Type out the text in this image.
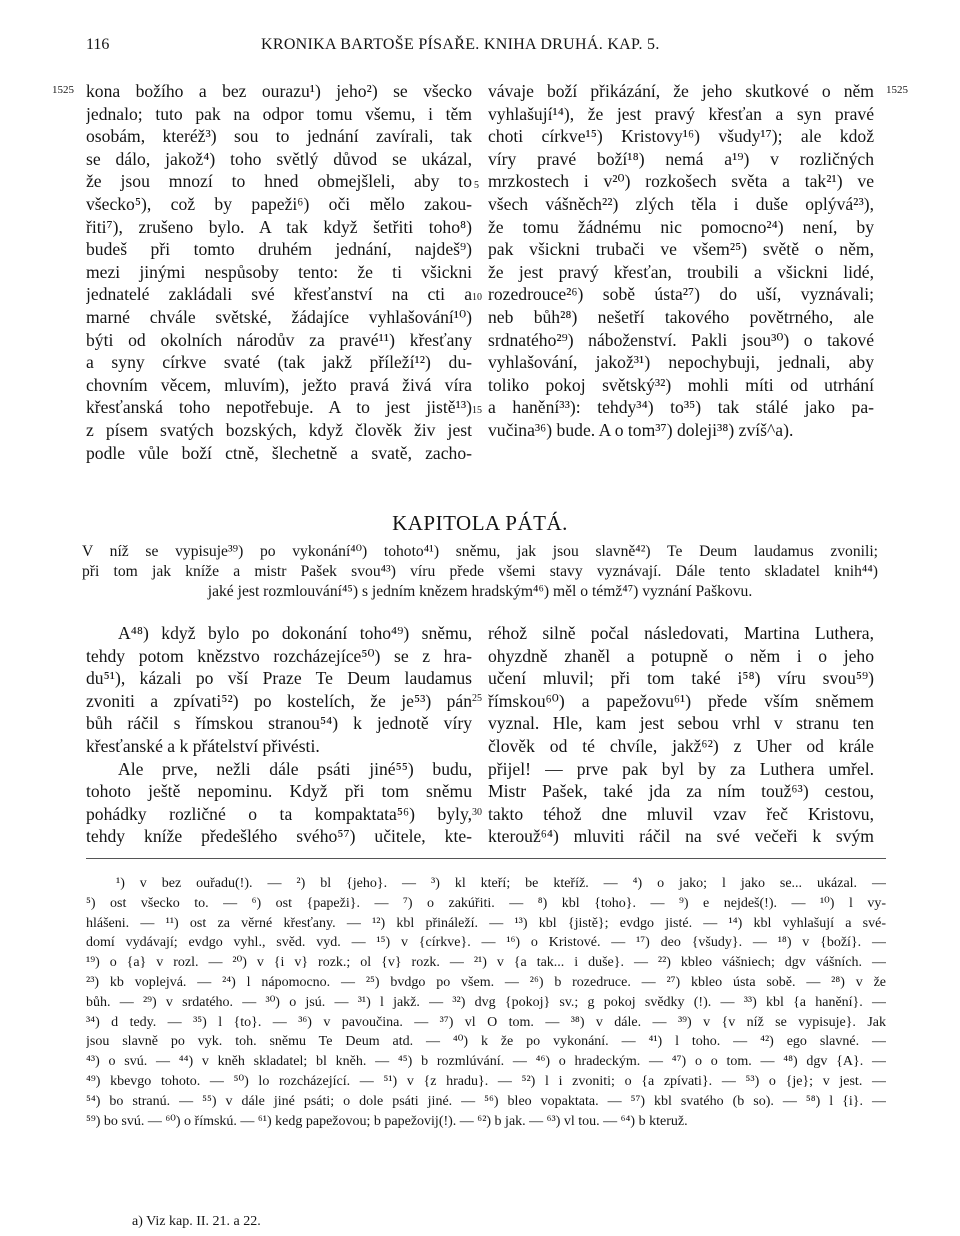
116	KRONIKA BARTOŠE PÍSAŘE. KNIHA DRUHÁ. KAP. 5.
1525	1525
5
10
15
25
30
kona božího a bez ourazu¹) jeho²) se všecko
jednalo; tuto pak na odpor tomu všemu, i těm
osobám, kteréž³) sou to jednání zavírali, tak
se dálo, jakož⁴) toho světlý důvod se ukázal,
že jsou mnozí to hned obmejšleli, aby to
všecko⁵), což by papeži⁶) oči mělo zakou-
řiti⁷), zrušeno bylo. A tak když šetřiti toho⁸)
budeš při tomto druhém jednání, najdeš⁹)
mezi jinými nespůsoby tento: že ti všickni
jednatelé zakládali své křesťanství na cti a
marné chvále světské, žádajíce vyhlašování¹⁰)
býti od okolních národův za pravé¹¹) křesťany
a syny církve svaté (tak jakž příleží¹²) du-
chovním věcem, mluvím), ježto pravá živá víra
křesťanská toho nepotřebuje. A to jest jistě¹³)
z písem svatých bozských, když člověk živ jest
podle vůle boží ctně, šlechetně a svatě, zacho-
vávaje boží přikázání, že jeho skutkové o něm
vyhlašují¹⁴), že jest pravý křesťan a syn pravé
choti církve¹⁵) Kristovy¹⁶) všudy¹⁷); ale kdož
víry pravé boží¹⁸) nemá a¹⁹) v rozličných
mrzkostech i v²⁰) rozkošech světa a tak²¹) ve
všech vášněch²²) zlých těla i duše oplývá²³),
že tomu žádnému nic pomocno²⁴) není, by
pak všickni trubači ve všem²⁵) světě o něm,
že jest pravý křesťan, troubili a všickni lidé,
rozedrouce²⁶) sobě ústa²⁷) do uší, vyznávali;
neb bůh²⁸) nešetří takového povětrného, ale
srdnatého²⁹) náboženství. Pakli jsou³⁰) o takové
vyhlašování, jakož³¹) nepochybuji, jednali, aby
toliko pokoj světský³²) mohli míti od utrhání
a hanění³³): tehdy³⁴) to³⁵) tak stálé jako pa-
vučina³⁶) bude. A o tom³⁷) doleji³⁸) zvíš^a).
KAPITOLA PÁTÁ.
V níž se vypisuje³⁹) po vykonání⁴⁰) tohoto⁴¹) sněmu, jak jsou slavně⁴²) Te Deum laudamus zvonili;
při tom jak kníže a mistr Pašek svou⁴³) víru přede všemi stavy vyznávají. Dále tento skladatel knih⁴⁴)
jaké jest rozmlouvání⁴⁵) s jedním knězem hradským⁴⁶) měl o témž⁴⁷) vyznání Paškovu.
A⁴⁸) když bylo po dokonání toho⁴⁹) sněmu,
tehdy potom knězstvo rozcházejíce⁵⁰) se z hra-
du⁵¹), kázali po vší Praze Te Deum laudamus
zvoniti a zpívati⁵²) po kostelích, že je⁵³) pán
bůh ráčil s římskou stranou⁵⁴) k jednotě víry
křesťanské a k přátelství přivésti.
Ale prve, nežli dále psáti jiné⁵⁵) budu,
tohoto ještě nepominu. Když při tom sněmu
pohádky rozličné o ta kompaktata⁵⁶) byly,
tehdy kníže předešlého svého⁵⁷) učitele, kte-
réhož silně počal následovati, Martina Luthera,
ohyzdně zhaněl a potupně o něm i o jeho
učení mluvil; při tom také i⁵⁸) víru svou⁵⁹)
římskou⁶⁰) a papežovu⁶¹) přede vším sněmem
vyznal. Hle, kam jest sebou vrhl v stranu ten
člověk od té chvíle, jakž⁶²) z Uher od krále
přijel! — prve pak byl by za Luthera umřel.
Mistr Pašek, také jda za ním touž⁶³) cestou,
takto téhož dne mluvil vzav řeč Kristovu,
kterouž⁶⁴) mluviti ráčil na své večeři k svým
¹) v bez ouřadu(!). — ²) bl {jeho}. — ³) kl kteří; be kteříž. — ⁴) o jako; l jako se... ukázal. —
⁵) ost všecko to. — ⁶) ost {papeži}. — ⁷) o zakúřiti. — ⁸) kbl {toho}. — ⁹) e nejdeš(!). — ¹⁰) l vy-
hlášeni. — ¹¹) ost za věrné křesťany. — ¹²) kbl přináleží. — ¹³) kbl {jistě}; evdgo jisté. — ¹⁴) kbl vyhlašují a své-
domí vydávají; evdgo vyhl., svěd. vyd. — ¹⁵) v {církve}. — ¹⁶) o Kristové. — ¹⁷) deo {všudy}. — ¹⁸) v {boží}. —
¹⁹) o {a} v rozl. — ²⁰) v {i v} rozk.; ol {v} rozk. — ²¹) v {a tak... i duše}. — ²²) kbleo vášniech; dgv vášních. —
²³) kb voplejvá. — ²⁴) l nápomocno. — ²⁵) bvdgo po všem. — ²⁶) b rozedruce. — ²⁷) kbleo ústa sobě. — ²⁸) v že
bůh. — ²⁹) v srdatého. — ³⁰) o jsú. — ³¹) l jakž. — ³²) dvg {pokoj} sv.; g pokoj svědky (!). — ³³) kbl {a hanění}. —
³⁴) d tedy. — ³⁵) l {to}. — ³⁶) v pavoučina. — ³⁷) vl O tom. — ³⁸) v dále. — ³⁹) v {v níž se vypisuje}. Jak
jsou slavně po vyk. toh. sněmu Te Deum atd. — ⁴⁰) k že po vykonání. — ⁴¹) l toho. — ⁴²) ego slavné. —
⁴³) o svú. — ⁴⁴) v kněh skladatel; bl kněh. — ⁴⁵) b rozmlúvání. — ⁴⁶) o hradeckým. — ⁴⁷) o o tom. — ⁴⁸) dgv {A}. —
⁴⁹) kbevgo tohoto. — ⁵⁰) lo rozcházející. — ⁵¹) v {z hradu}. — ⁵²) l i zvoniti; o {a zpívati}. — ⁵³) o {je}; v jest. —
⁵⁴) bo stranú. — ⁵⁵) v dále jiné psáti; o dole psáti jiné. — ⁵⁶) bleo vopaktata. — ⁵⁷) kbl svatého (b so). — ⁵⁸) l {i}. —
⁵⁹) bo svú. — ⁶⁰) o římskú. — ⁶¹) kedg papežovou; b papežovij(!). — ⁶²) b jak. — ⁶³) vl tou. — ⁶⁴) b kteruž.
a) Viz kap. II. 21. a 22.
